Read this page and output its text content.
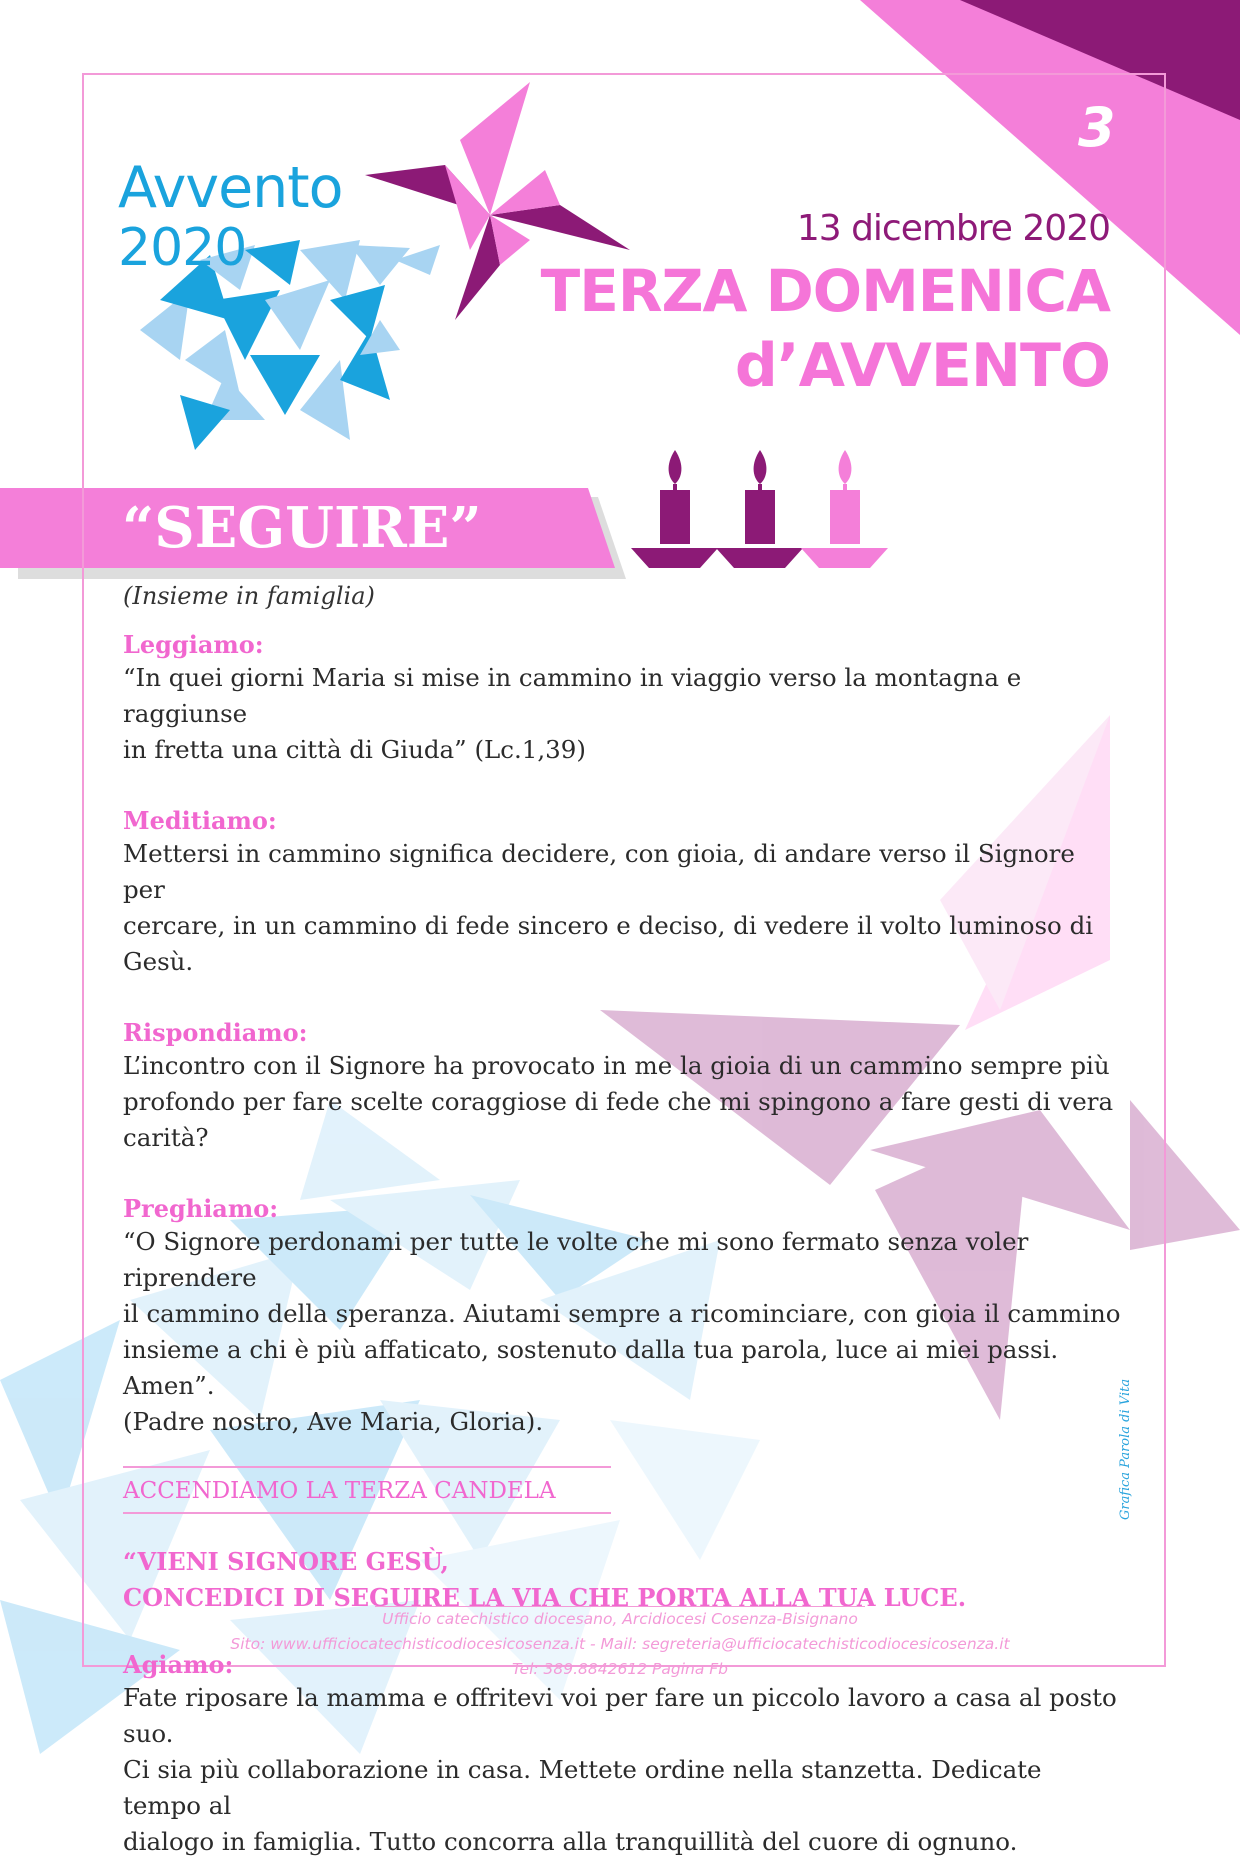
Avvento
2020
3
13 dicembre 2020
TERZA DOMENICA
d’AVVENTO
“SEGUIRE”
(Insieme in famiglia)

Leggiamo:

“In quei giorni Maria si mise in cammino in viaggio verso la montagna e raggiunse

in fretta una città di Giuda” (Lc.1,39)

Meditiamo:

Mettersi in cammino significa decidere, con gioia, di andare verso il Signore per

cercare, in un cammino di fede sincero e deciso, di vedere il volto luminoso di Gesù.

Rispondiamo:

L’incontro con il Signore ha provocato in me la gioia di un cammino sempre più

profondo per fare scelte coraggiose di fede che mi spingono a fare gesti di vera carità?

Preghiamo:

“O Signore perdonami per tutte le volte che mi sono fermato senza voler riprendere

il cammino della speranza. Aiutami sempre a ricominciare, con gioia il cammino

insieme a chi è più affaticato, sostenuto dalla tua parola, luce ai miei passi. Amen”.

(Padre nostro, Ave Maria, Gloria).

ACCENDIAMO LA TERZA CANDELA

“VIENI SIGNORE GESÙ,

CONCEDICI DI SEGUIRE LA VIA CHE PORTA ALLA TUA LUCE.

Agiamo:

Fate riposare la mamma e offritevi voi per fare un piccolo lavoro a casa al posto suo.

Ci sia più collaborazione in casa. Mettete ordine nella stanzetta. Dedicate tempo al

dialogo in famiglia. Tutto concorra alla tranquillità del cuore di ognuno.

Ufficio catechistico diocesano, Arcidiocesi Cosenza-Bisignano
Sito: www.ufficiocatechisticodiocesicosenza.it - Mail: segreteria@ufficiocatechisticodiocesicosenza.it
Tel: 389.8842612 Pagina Fb
Grafica Parola di Vita
